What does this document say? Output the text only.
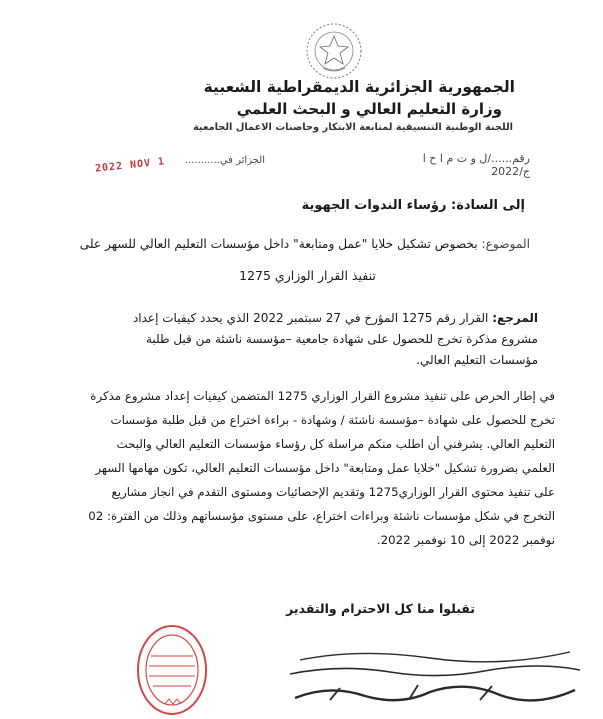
الجمهورية الجزائرية الديمقراطية الشعبية
وزارة التعليم العالي و البحث العلمي
اللجنة الوطنية التنسيقية لمتابعة الابتكار وحاضنات الاعمال الجامعية
رقم....../ل و ت م ا ح ا ج/2022
الجزائر في...........
2022 NOV 1
إلى السادة: رؤساء الندوات الجهوية
الموضوع: بخصوص تشكيل خلايا "عمل ومتابعة" داخل مؤسسات التعليم العالي للسهر على
تنفيذ القرار الوزاري 1275
المرجع: القرار رقم 1275 المؤرخ في 27 سبتمبر 2022 الذي يحدد كيفيات إعداد مشروع مذكرة تخرج للحصول على شهادة جامعية –مؤسسة ناشئة من قبل طلبة مؤسسات التعليم العالي.
في إطار الحرص على تنفيذ مشروع القرار الوزاري 1275 المتضمن كيفيات إعداد مشروع مذكرة
تخرج للحصول على شهادة –مؤسسة ناشئة / وشهادة - براءة اختراع من قبل طلبة مؤسسات
التعليم العالي. يشرفني أن اطلب منكم مراسلة كل رؤساء مؤسسات التعليم العالي والبحث
العلمي بضرورة تشكيل "خلايا عمل ومتابعة" داخل مؤسسات التعليم العالي، تكون مهامها السهر
على تنفيذ محتوى القرار الوزاري1275 وتقديم الإحصائيات ومستوى التقدم في انجاز مشاريع
التخرج في شكل مؤسسات ناشئة وبراءات اختراع، على مستوى مؤسساتهم وذلك من الفترة: 02
نوفمبر 2022 إلى 10 نوفمبر 2022.
تقبلوا منا كل الاحترام والتقدير
